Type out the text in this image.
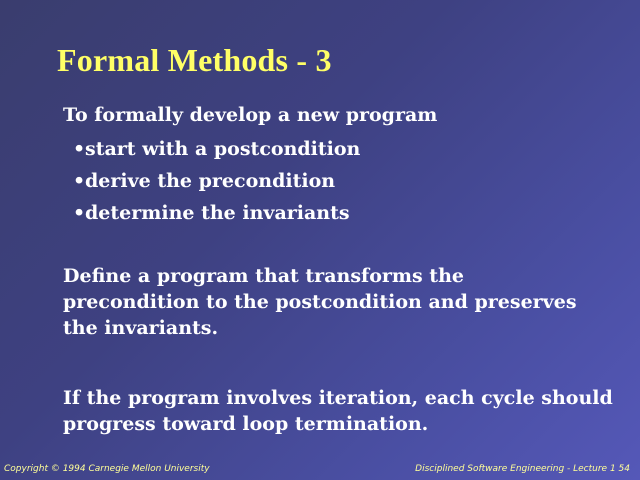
Formal Methods - 3

To formally develop a new program

•start with a postcondition
•derive the precondition
•determine the invariants

Define a program that transforms the precondition to the postcondition and preserves the invariants.

If the program involves iteration, each cycle should progress toward loop termination.

Copyright © 1994 Carnegie Mellon University	Disciplined Software Engineering - Lecture 1 54
